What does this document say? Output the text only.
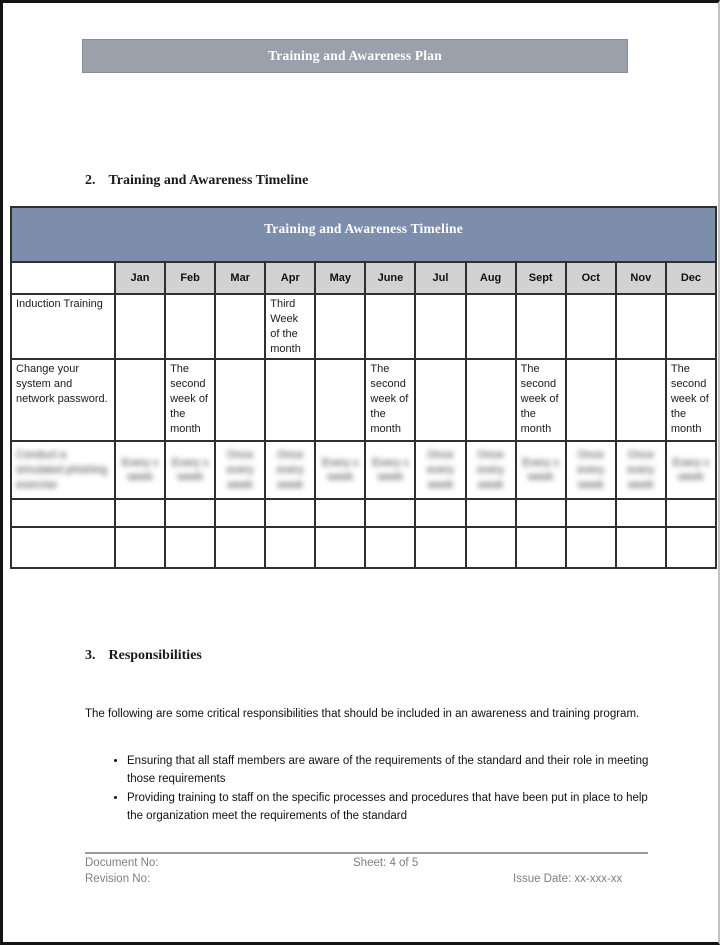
Training and Awareness Plan
2. Training and Awareness Timeline
Training and Awareness Timeline												
	Jan	Feb	Mar	Apr	May	June	Jul	Aug	Sept	Oct	Nov	Dec
Induction Training				Third Week of the month								
Change your system and network password.		The second week of the month				The second week of the month			The second week of the month			The second week of the month
Conduct a simulated phishing exercise	Every x week	Every x week	Once every week	Once every week	Every x week	Every x week	Once every week	Once every week	Every x week	Once every week	Once every week	Every x week

3. Responsibilities

The following are some critical responsibilities that should be included in an awareness and training program.

• Ensuring that all staff members are aware of the requirements of the standard and their role in meeting those requirements
• Providing training to staff on the specific processes and procedures that have been put in place to help the organization meet the requirements of the standard
Document No:	Sheet: 4 of 5
Revision No:	Issue Date: xx-xxx-xx
